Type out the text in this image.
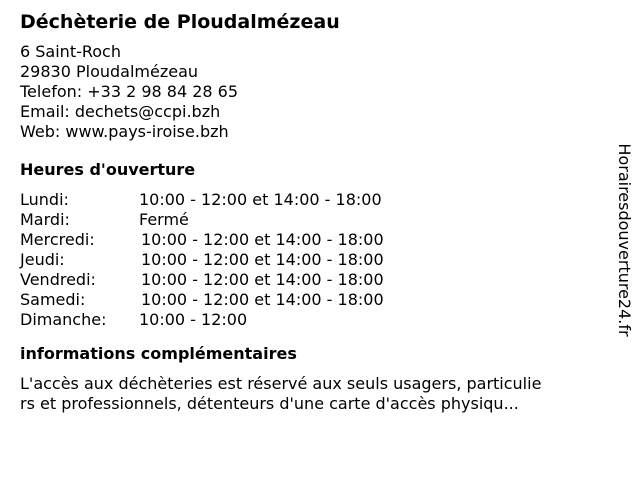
Déchèterie de Ploudalmézeau
6 Saint-Roch
29830 Ploudalmézeau
Telefon: +33 2 98 84 28 65
Email: dechets@ccpi.bzh
Web: www.pays-iroise.bzh
Heures d'ouverture
Lundi:	10:00 - 12:00 et 14:00 - 18:00
Mardi:	Fermé
Mercredi:	10:00 - 12:00 et 14:00 - 18:00
Jeudi:	10:00 - 12:00 et 14:00 - 18:00
Vendredi:	10:00 - 12:00 et 14:00 - 18:00
Samedi:	10:00 - 12:00 et 14:00 - 18:00
Dimanche:	10:00 - 12:00
informations complémentaires
L'accès aux déchèteries est réservé aux seuls usagers, particulie
rs et professionnels, détenteurs d'une carte d'accès physiqu...
Horairesdouverture24.fr
